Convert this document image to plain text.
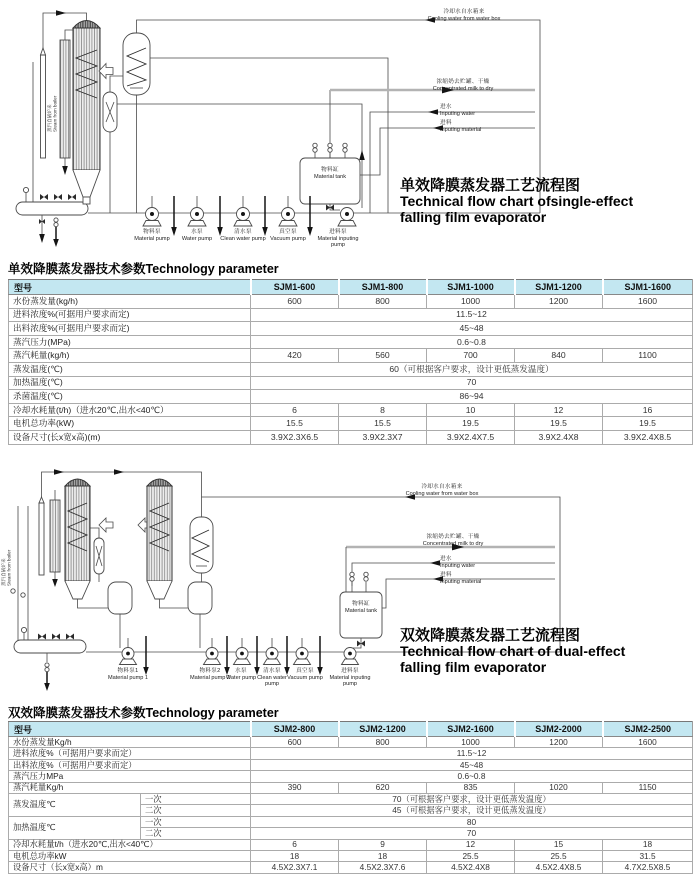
蒸汽自锅炉来 Steam from boiler
冷却水自水箱来
Cooling water from water box
浓缩奶去贮罐、干燥
Concentrated milk to dry
进水
Inputing water
进料
Inputing material
物料缸
Material tank
物料泵
Material pump
水泵
Water pump
清水泵
Clean water pump
真空泵
Vacuum pump
进料泵
Material inputing pump
单效降膜蒸发器工艺流程图
Technical flow chart ofsingle-effect
falling film evaporator
单效降膜蒸发器技术参数Technology parameter
型号	SJM1-600	SJM1-800	SJM1-1000	SJM1-1200	SJM1-1600
水份蒸发量(kg/h)	600	800	1000	1200	1600
进料浓度%(可据用户要求而定)	11.5~12				
出料浓度%(可据用户要求而定)	45~48				
蒸汽压力(MPa)	0.6~0.8				
蒸汽耗量(kg/h)	420	560	700	840	1100
蒸发温度(℃)	60（可根据客户要求，设计更低蒸发温度）				
加热温度(℃)	70				
杀菌温度(℃)	86~94				
冷却水耗量(t/h)（进水20℃,出水<40℃）	6	8	10	12	16
电机总功率(kW)	15.5	15.5	19.5	19.5	19.5
设备尺寸(长x宽x高)(m)	3.9X2.3X6.5	3.9X2.3X7	3.9X2.4X7.5	3.9X2.4X8	3.9X2.4X8.5
蒸汽自锅炉来 Steam from boiler
冷却水自水箱来
Cooling water from water box
浓缩奶去贮罐、干燥
Concentrated milk to dry
进水
Inputing water
进料
Inputing material
物料缸
Material tank
物料泵1
Material pump 1
物料泵2
Material pump 2
水泵
Water pump
清水泵
Clean water pump
真空泵
Vacuum pump
进料泵
Material inputing pump
双效降膜蒸发器工艺流程图
Technical flow chart of dual-effect
falling film evaporator
双效降膜蒸发器技术参数Technology parameter
型号		SJM2-800	SJM2-1200	SJM2-1600	SJM2-2000	SJM2-2500
水份蒸发量Kg/h		600	800	1000	1200	1600
进料浓度%（可据用户要求而定）		11.5~12				
出料浓度%（可据用户要求而定）		45~48				
蒸汽压力MPa		0.6~0.8				
蒸汽耗量Kg/h		390	620	835	1020	1150
蒸发温度℃	一次	70（可根据客户要求，设计更低蒸发温度）				
	二次	45（可根据客户要求，设计更低蒸发温度）				
加热温度℃	一次	80				
	二次	70				
冷却水耗量t/h（进水20℃,出水<40℃）		6	9	12	15	18
电机总功率kW		18	18	25.5	25.5	31.5
设备尺寸（长x宽x高）m		4.5X2.3X7.1	4.5X2.3X7.6	4.5X2.4X8	4.5X2.4X8.5	4.7X2.5X8.5
